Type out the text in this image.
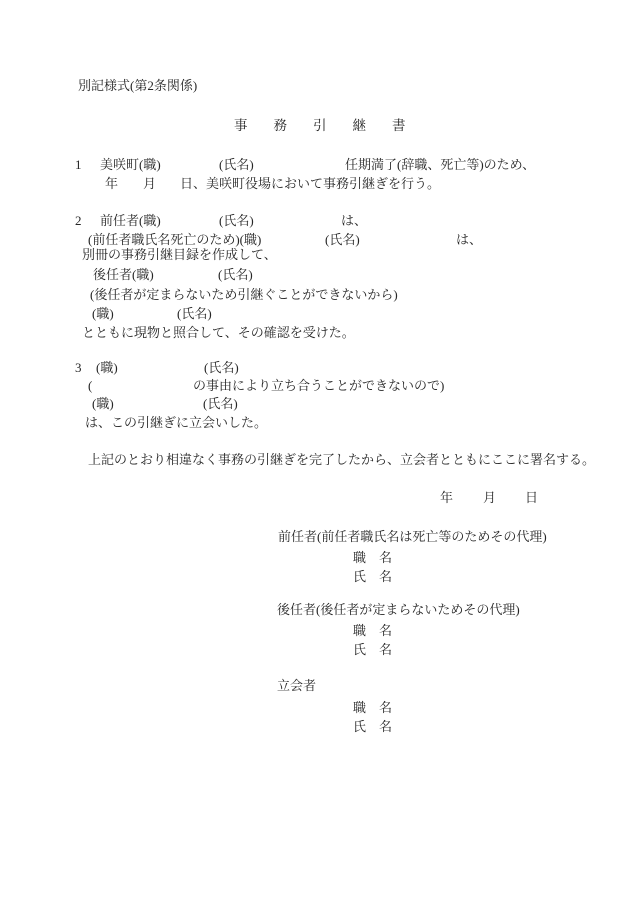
別記様式(第2条関係)
事務引継書
1 美咲町(職)	(氏名)	任期満了(辞職、死亡等)のため、
年 月 日、美咲町役場において事務引継ぎを行う。
2 前任者(職)	(氏名)	は、
(前任者職氏名死亡のため)(職)	(氏名)	は、
別冊の事務引継目録を作成して、
後任者(職)	(氏名)
(後任者が定まらないため引継ぐことができないから)
(職)	(氏名)
とともに現物と照合して、その確認を受けた。
3 (職)	(氏名)
(	の事由により立ち合うことができないので)
(職)	(氏名)
は、この引継ぎに立会いした。
上記のとおり相違なく事務の引継ぎを完了したから、立会者とともにここに署名する。
年 月 日
前任者(前任者職氏名は死亡等のためその代理)
職　名
氏　名
後任者(後任者が定まらないためその代理)
職　名
氏　名
立会者
職　名
氏　名
